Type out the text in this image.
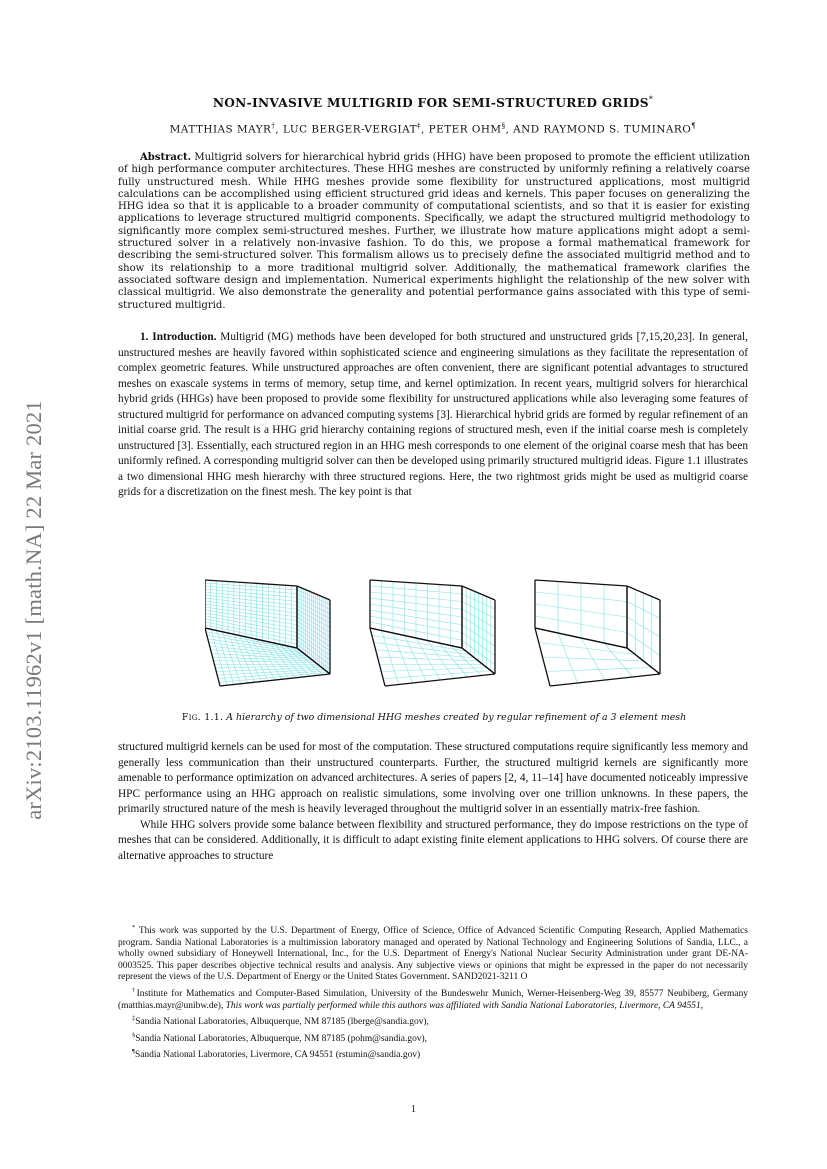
arXiv:2103.11962v1 [math.NA] 22 Mar 2021
NON-INVASIVE MULTIGRID FOR SEMI-STRUCTURED GRIDS*
MATTHIAS MAYR†, LUC BERGER-VERGIAT‡, PETER OHM§, AND RAYMOND S. TUMINARO¶

Abstract. Multigrid solvers for hierarchical hybrid grids (HHG) have been proposed to promote the efficient utilization of high performance computer architectures. These HHG meshes are constructed by uniformly refining a relatively coarse fully unstructured mesh. While HHG meshes provide some flexibility for unstructured applications, most multigrid calculations can be accomplished using efficient structured grid ideas and kernels. This paper focuses on generalizing the HHG idea so that it is applicable to a broader community of computational scientists, and so that it is easier for existing applications to leverage structured multigrid components. Specifically, we adapt the structured multigrid methodology to significantly more complex semi-structured meshes. Further, we illustrate how mature applications might adopt a semi-structured solver in a relatively non-invasive fashion. To do this, we propose a formal mathematical framework for describing the semi-structured solver. This formalism allows us to precisely define the associated multigrid method and to show its relationship to a more traditional multigrid solver. Additionally, the mathematical framework clarifies the associated software design and implementation. Numerical experiments highlight the relationship of the new solver with classical multigrid. We also demonstrate the generality and potential performance gains associated with this type of semi-structured multigrid.

1. Introduction. Multigrid (MG) methods have been developed for both structured and unstructured grids [7,15,20,23]. In general, unstructured meshes are heavily favored within sophisticated science and engineering simulations as they facilitate the representation of complex geometric features. While unstructured approaches are often convenient, there are significant potential advantages to structured meshes on exascale systems in terms of memory, setup time, and kernel optimization. In recent years, multigrid solvers for hierarchical hybrid grids (HHGs) have been proposed to provide some flexibility for unstructured applications while also leveraging some features of structured multigrid for performance on advanced computing systems [3]. Hierarchical hybrid grids are formed by regular refinement of an initial coarse grid. The result is a HHG grid hierarchy containing regions of structured mesh, even if the initial coarse mesh is completely unstructured [3]. Essentially, each structured region in an HHG mesh corresponds to one element of the original coarse mesh that has been uniformly refined. A corresponding multigrid solver can then be developed using primarily structured multigrid ideas. Figure 1.1 illustrates a two dimensional HHG mesh hierarchy with three structured regions. Here, the two rightmost grids might be used as multigrid coarse grids for a discretization on the finest mesh. The key point is that

Fig. 1.1. A hierarchy of two dimensional HHG meshes created by regular refinement of a 3 element mesh

structured multigrid kernels can be used for most of the computation. These structured computations require significantly less memory and generally less communication than their unstructured counterparts. Further, the structured multigrid kernels are significantly more amenable to performance optimization on advanced architectures. A series of papers [2, 4, 11–14] have documented noticeably impressive HPC performance using an HHG approach on realistic simulations, some involving over one trillion unknowns. In these papers, the primarily structured nature of the mesh is heavily leveraged throughout the multigrid solver in an essentially matrix-free fashion.

While HHG solvers provide some balance between flexibility and structured performance, they do impose restrictions on the type of meshes that can be considered. Additionally, it is difficult to adapt existing finite element applications to HHG solvers. Of course there are alternative approaches to structure

* This work was supported by the U.S. Department of Energy, Office of Science, Office of Advanced Scientific Computing Research, Applied Mathematics program. Sandia National Laboratories is a multimission laboratory managed and operated by National Technology and Engineering Solutions of Sandia, LLC., a wholly owned subsidiary of Honeywell International, Inc., for the U.S. Department of Energy's National Nuclear Security Administration under grant DE-NA-0003525. This paper describes objective technical results and analysis. Any subjective views or opinions that might be expressed in the paper do not necessarily represent the views of the U.S. Department of Energy or the United States Government. SAND2021-3211 O

†Institute for Mathematics and Computer-Based Simulation, University of the Bundeswehr Munich, Werner-Heisenberg-Weg 39, 85577 Neubiberg, Germany (matthias.mayr@unibw.de), This work was partially performed while this authors was affiliated with Sandia National Laboratories, Livermore, CA 94551,

‡Sandia National Laboratories, Albuquerque, NM 87185 (lberge@sandia.gov),

§Sandia National Laboratories, Albuquerque, NM 87185 (pohm@sandia.gov),

¶Sandia National Laboratories, Livermore, CA 94551 (rstumin@sandia.gov)

1
